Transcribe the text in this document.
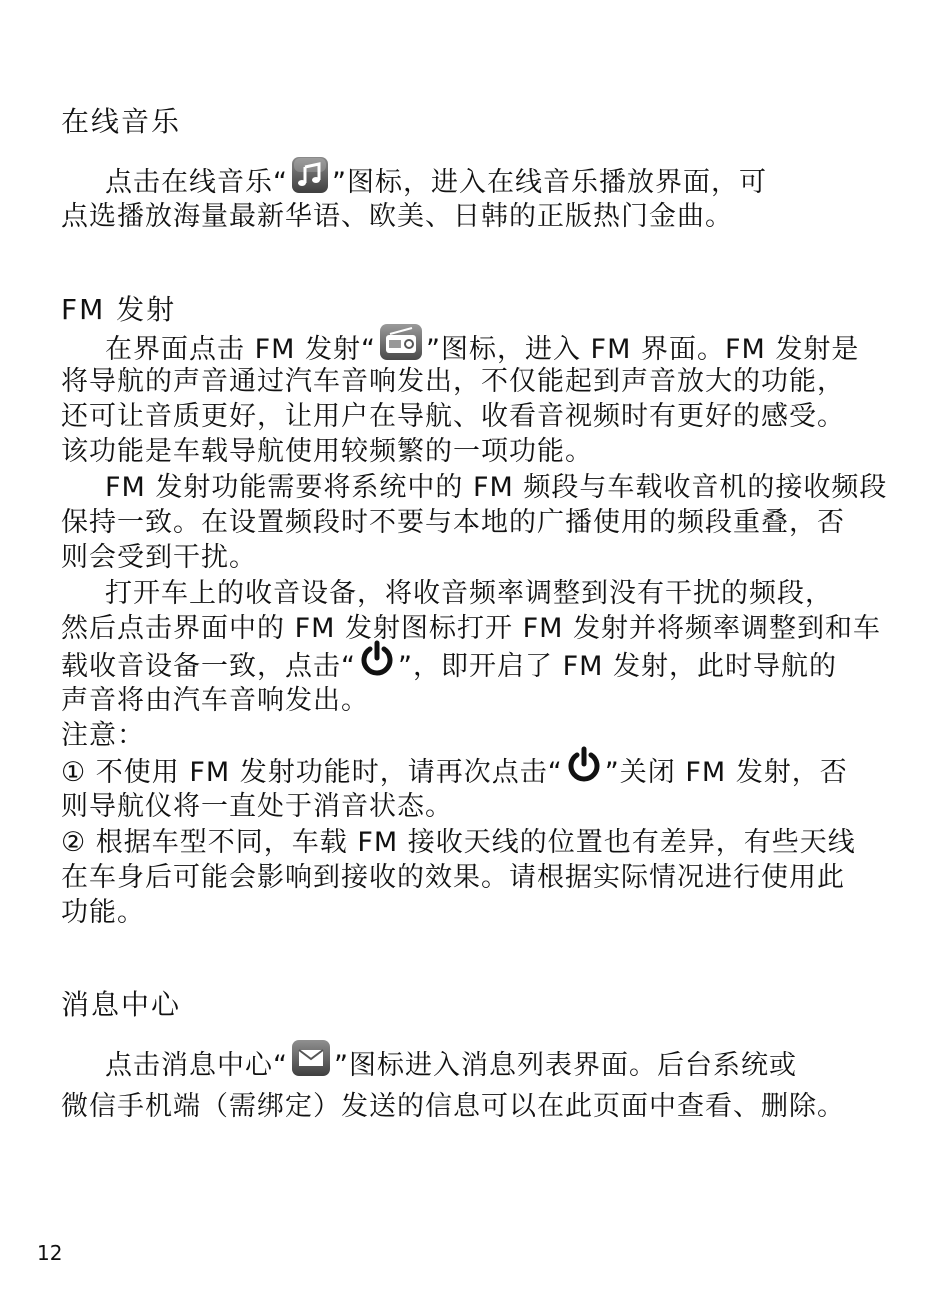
在线音乐
点击在线音乐“ ”图标，进入在线音乐播放界面，可
点选播放海量最新华语、欧美、日韩的正版热门金曲。
FM 发射
在界面点击 FM 发射“ ”图标，进入 FM 界面。FM 发射是
将导航的声音通过汽车音响发出，不仅能起到声音放大的功能，
还可让音质更好，让用户在导航、收看音视频时有更好的感受。
该功能是车载导航使用较频繁的一项功能。
FM 发射功能需要将系统中的 FM 频段与车载收音机的接收频段
保持一致。在设置频段时不要与本地的广播使用的频段重叠，否
则会受到干扰。
打开车上的收音设备，将收音频率调整到没有干扰的频段，
然后点击界面中的 FM 发射图标打开 FM 发射并将频率调整到和车
载收音设备一致，点击“ ”，即开启了 FM 发射，此时导航的
声音将由汽车音响发出。
注意：
① 不使用 FM 发射功能时，请再次点击“ ”关闭 FM 发射，否
则导航仪将一直处于消音状态。
② 根据车型不同，车载 FM 接收天线的位置也有差异，有些天线
在车身后可能会影响到接收的效果。请根据实际情况进行使用此
功能。
消息中心
点击消息中心“ ”图标进入消息列表界面。后台系统或
微信手机端（需绑定）发送的信息可以在此页面中查看、删除。
12
